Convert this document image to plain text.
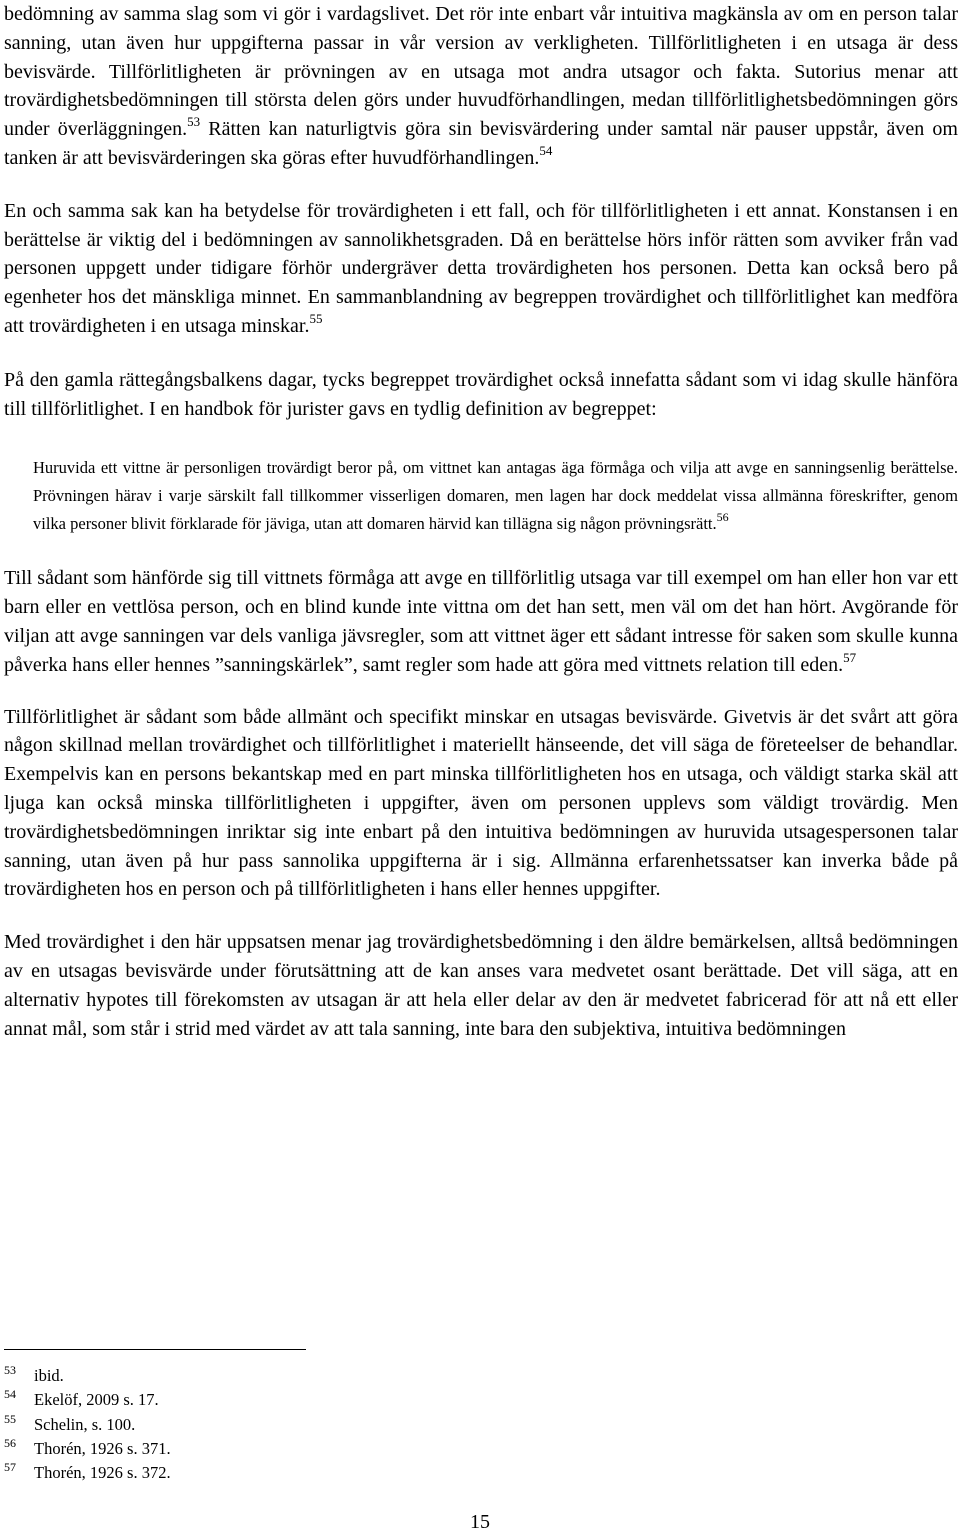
bedömning av samma slag som vi gör i vardagslivet. Det rör inte enbart vår intuitiva magkänsla av om en person talar sanning, utan även hur uppgifterna passar in vår version av verkligheten. Tillförlitligheten i en utsaga är dess bevisvärde. Tillförlitligheten är prövningen av en utsaga mot andra utsagor och fakta. Sutorius menar att trovärdighetsbedömningen till största delen görs under huvudförhandlingen, medan tillförlitlighetsbedömningen görs under överläggningen.$^{53}$ Rätten kan naturligtvis göra sin bevisvärdering under samtal när pauser uppstår, även om tanken är att bevisvärderingen ska göras efter huvudförhandlingen.$^{54}$

En och samma sak kan ha betydelse för trovärdigheten i ett fall, och för tillförlitligheten i ett annat. Konstansen i en berättelse är viktig del i bedömningen av sannolikhetsgraden. Då en berättelse hörs inför rätten som avviker från vad personen uppgett under tidigare förhör undergräver detta trovärdigheten hos personen. Detta kan också bero på egenheter hos det mänskliga minnet. En sammanblandning av begreppen trovärdighet och tillförlitlighet kan medföra att trovärdigheten i en utsaga minskar.$^{55}$

På den gamla rättegångsbalkens dagar, tycks begreppet trovärdighet också innefatta sådant som vi idag skulle hänföra till tillförlitlighet. I en handbok för jurister gavs en tydlig definition av begreppet:

Huruvida ett vittne är personligen trovärdigt beror på, om vittnet kan antagas äga förmåga och vilja att avge en sanningsenlig berättelse. Prövningen härav i varje särskilt fall tillkommer visserligen domaren, men lagen har dock meddelat vissa allmänna föreskrifter, genom vilka personer blivit förklarade för jäviga, utan att domaren härvid kan tillägna sig någon prövningsrätt.$^{56}$

Till sådant som hänförde sig till vittnets förmåga att avge en tillförlitlig utsaga var till exempel om han eller hon var ett barn eller en vettlösa person, och en blind kunde inte vittna om det han sett, men väl om det han hört. Avgörande för viljan att avge sanningen var dels vanliga jävsregler, som att vittnet äger ett sådant intresse för saken som skulle kunna påverka hans eller hennes ”sanningskärlek”, samt regler som hade att göra med vittnets relation till eden.$^{57}$

Tillförlitlighet är sådant som både allmänt och specifikt minskar en utsagas bevisvärde. Givetvis är det svårt att göra någon skillnad mellan trovärdighet och tillförlitlighet i materiellt hänseende, det vill säga de företeelser de behandlar. Exempelvis kan en persons bekantskap med en part minska tillförlitligheten hos en utsaga, och väldigt starka skäl att ljuga kan också minska tillförlitligheten i uppgifter, även om personen upplevs som väldigt trovärdig. Men trovärdighetsbedömningen inriktar sig inte enbart på den intuitiva bedömningen av huruvida utsagespersonen talar sanning, utan även på hur pass sannolika uppgifterna är i sig. Allmänna erfarenhetssatser kan inverka både på trovärdigheten hos en person och på tillförlitligheten i hans eller hennes uppgifter.

Med trovärdighet i den här uppsatsen menar jag trovärdighetsbedömning i den äldre bemärkelsen, alltså bedömningen av en utsagas bevisvärde under förutsättning att de kan anses vara medvetet osant berättade. Det vill säga, att en alternativ hypotes till förekomsten av utsagan är att hela eller delar av den är medvetet fabricerad för att nå ett eller annat mål, som står i strid med värdet av att tala sanning, inte bara den subjektiva, intuitiva bedömningen

53	ibid.
54	Ekelöf, 2009 s. 17.
55	Schelin, s. 100.
56	Thorén, 1926 s. 371.
57	Thorén, 1926 s. 372.
15
